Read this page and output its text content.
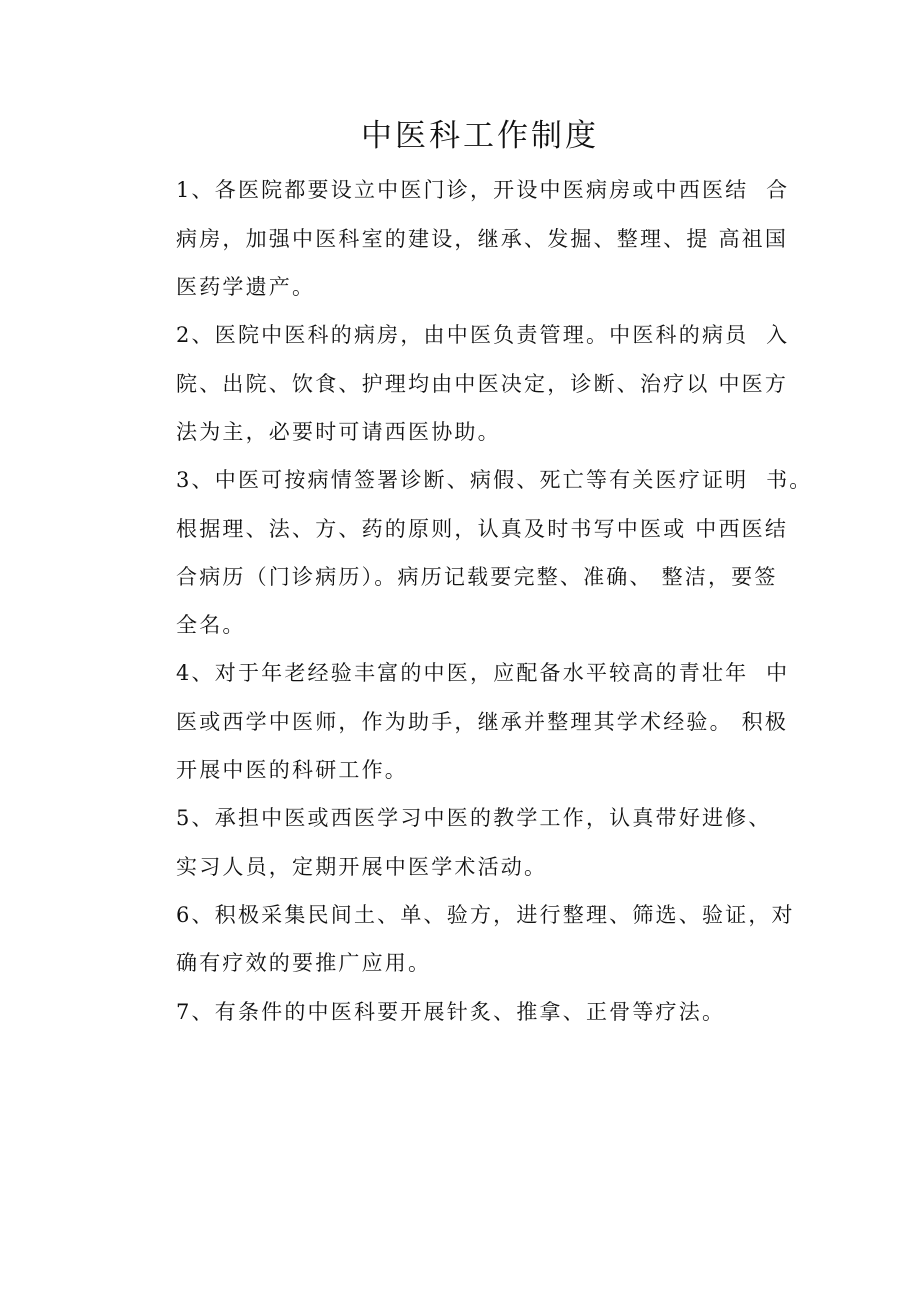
中医科工作制度

1、各医院都要设立中医门诊，开设中医病房或中西医结  合

病房，加强中医科室的建设，继承、发掘、整理、提 高祖国

医药学遗产。

2、医院中医科的病房，由中医负责管理。中医科的病员  入

院、出院、饮食、护理均由中医决定，诊断、治疗以 中医方

法为主，必要时可请西医协助。

3、中医可按病情签署诊断、病假、死亡等有关医疗证明  书。

根据理、法、方、药的原则，认真及时书写中医或 中西医结

合病历（门诊病历）。病历记载要完整、准确、 整洁，要签

全名。

4、对于年老经验丰富的中医，应配备水平较高的青壮年  中

医或西学中医师，作为助手，继承并整理其学术经验。 积极

开展中医的科研工作。

5、承担中医或西医学习中医的教学工作，认真带好进修、

实习人员，定期开展中医学术活动。

6、积极采集民间土、单、验方，进行整理、筛选、验证，对

确有疗效的要推广应用。

7、有条件的中医科要开展针炙、推拿、正骨等疗法。
